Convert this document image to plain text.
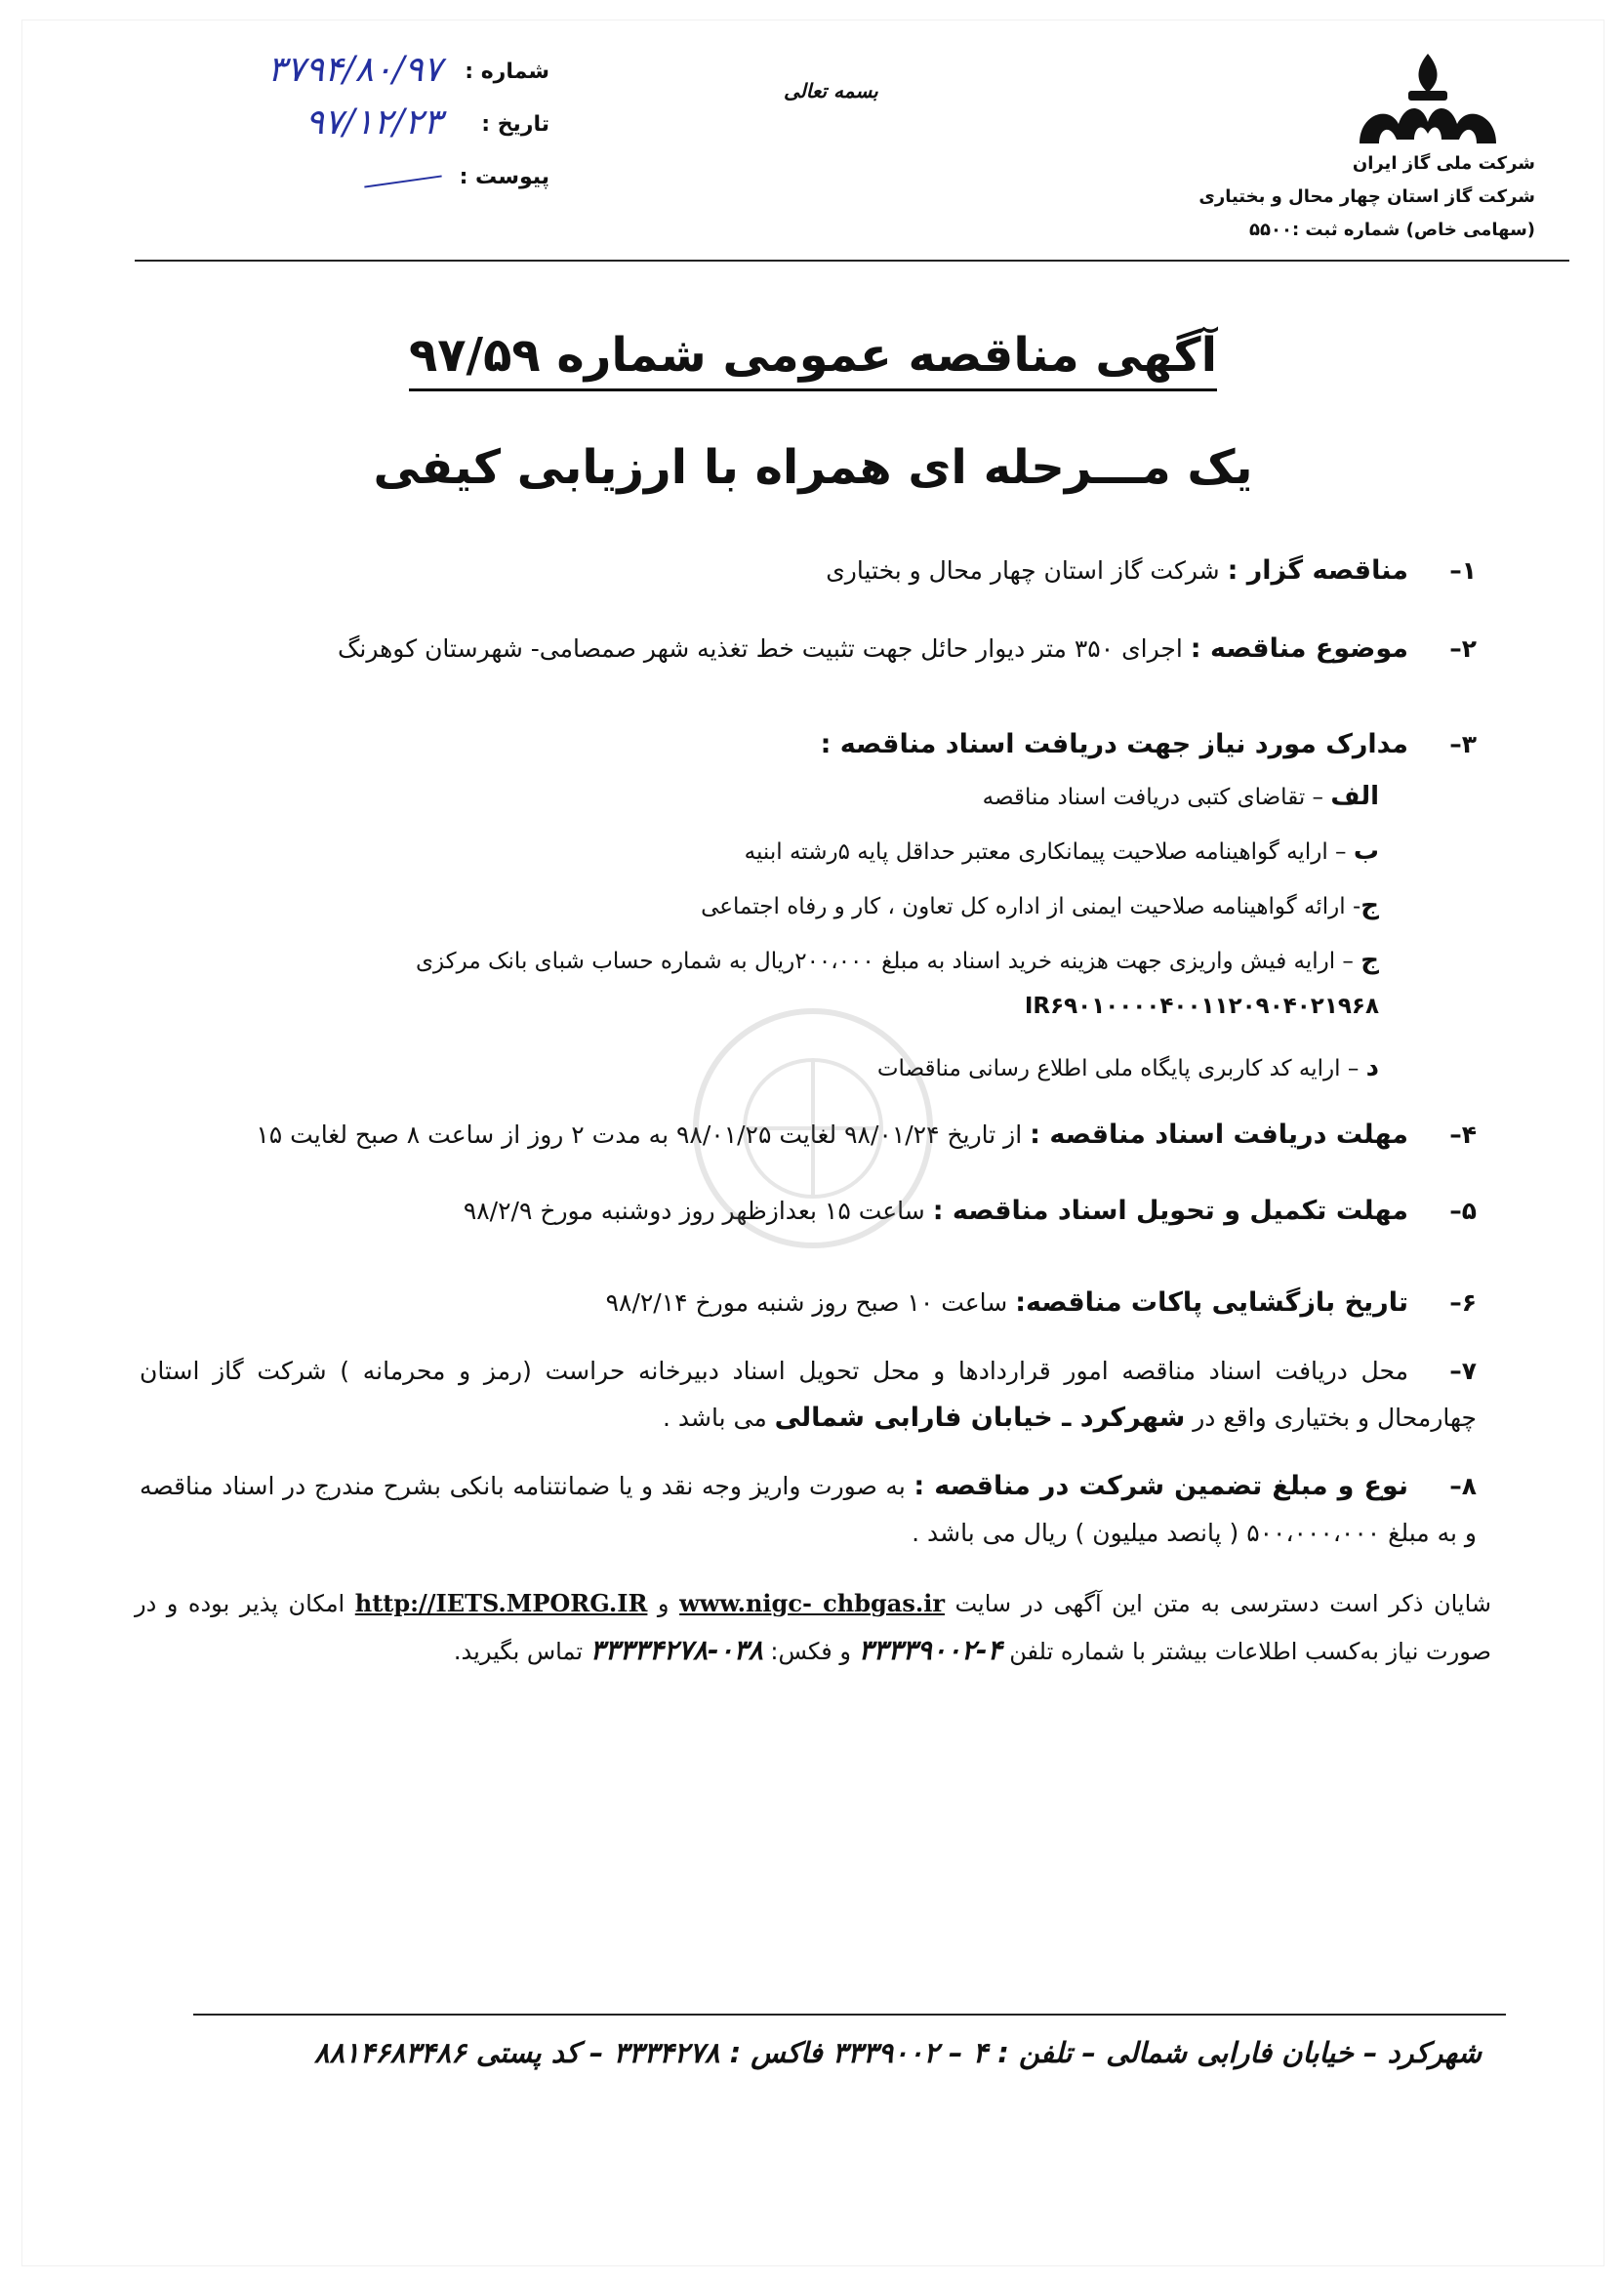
شرکت ملی گاز ایران
شرکت گاز استان چهار محال و بختیاری
(سهامی خاص) شماره ثبت :۵۵۰۰
بسمه تعالی
شماره :
۳۷۹۴/۸۰/۹۷
تاریخ :
۹۷/۱۲/۲۳
پیوست :
آگهی مناقصه عمومی شماره ۹۷/۵۹
یک مـــرحله ای همراه با ارزیابی کیفی
۱–مناقصه گزار : شرکت گاز استان چهار محال و بختیاری
۲–موضوع مناقصه : اجرای ۳۵۰ متر دیوار حائل جهت تثبیت خط تغذیه شهر صمصامی- شهرستان کوهرنگ
۳–مدارک مورد نیاز جهت دریافت اسناد مناقصه :
الف – تقاضای کتبی دریافت اسناد مناقصه
ب – ارایه گواهینامه صلاحیت پیمانکاری معتبر حداقل پایه ۵رشته ابنیه
ج- ارائه گواهینامه صلاحیت ایمنی از اداره کل تعاون ، کار و رفاه اجتماعی
ج – ارایه فیش واریزی جهت هزینه خرید اسناد به مبلغ ۲۰۰،۰۰۰ریال به شماره حساب شبای بانک مرکزی
IR۶۹۰۱۰۰۰۰۴۰۰۱۱۲۰۹۰۴۰۲۱۹۶۸
د – ارایه کد کاربری پایگاه ملی اطلاع رسانی مناقصات
۴–مهلت دریافت اسناد مناقصه : از تاریخ ۹۸/۰۱/۲۴ لغایت ۹۸/۰۱/۲۵ به مدت ۲ روز از ساعت ۸ صبح لغایت ۱۵
۵–مهلت تکمیل و تحویل اسناد مناقصه : ساعت ۱۵ بعدازظهر روز دوشنبه مورخ ۹۸/۲/۹
۶–تاریخ بازگشایی پاکات مناقصه: ساعت ۱۰ صبح روز شنبه مورخ ۹۸/۲/۱۴
۷–محل دریافت اسناد مناقصه امور قراردادها و محل تحویل اسناد دبیرخانه حراست (رمز و محرمانه ) شرکت گاز استان چهارمحال و بختیاری واقع در شهرکرد ـ خیابان فارابی شمالی می باشد .
۸–نوع و مبلغ تضمین شرکت در مناقصه : به صورت واریز وجه نقد و یا ضمانتنامه بانکی بشرح مندرج در اسناد مناقصه و به مبلغ ۵۰۰،۰۰۰،۰۰۰ ( پانصد میلیون ) ریال می باشد .
شایان ذکر است دسترسی به متن این آگهی در سایت www.nigc- chbgas.ir و http://IETS.MPORG.IR امکان پذیر بوده و در صورت نیاز به‌کسب اطلاعات بیشتر با شماره تلفن ۴-۳۳۳۳۹۰۰۲ و فکس: ۰۳۸-۳۳۳۳۴۲۷۸ تماس بگیرید.
شهرکرد – خیابان فارابی شمالی – تلفن : ۴ – ۳۳۳۹۰۰۲ فاکس : ۳۳۳۴۲۷۸ – کد پستی ۸۸۱۴۶۸۳۴۸۶
